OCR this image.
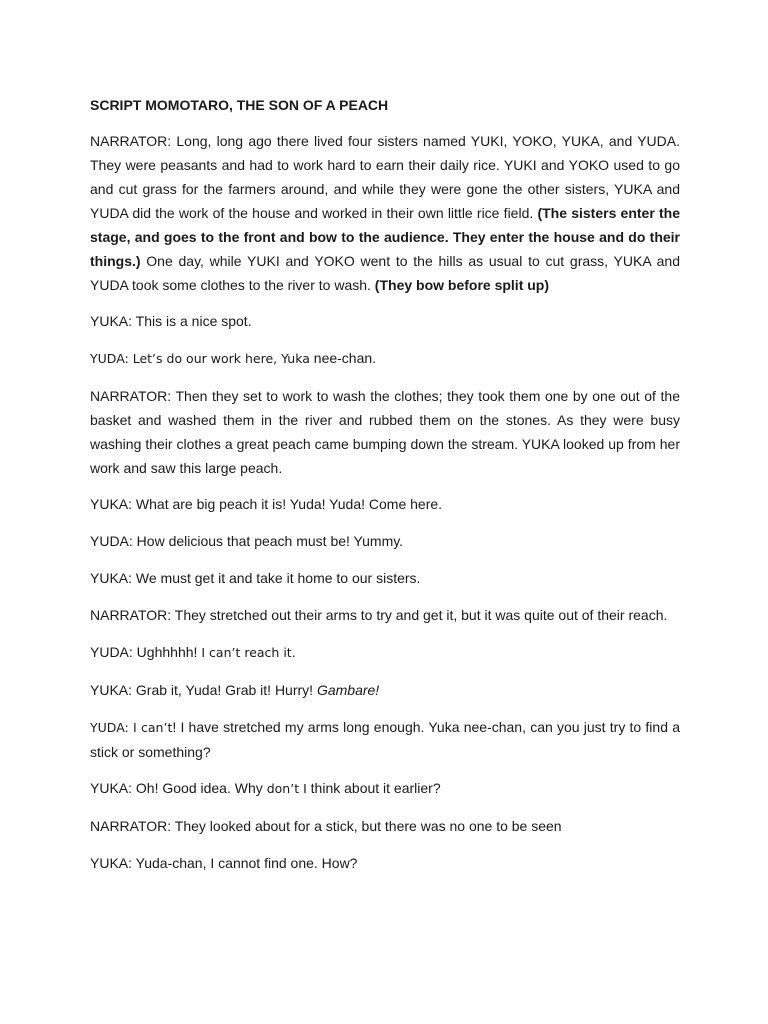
SCRIPT MOMOTARO, THE SON OF A PEACH
NARRATOR: Long, long ago there lived four sisters named YUKI, YOKO, YUKA, and YUDA. They were peasants and had to work hard to earn their daily rice. YUKI and YOKO used to go and cut grass for the farmers around, and while they were gone the other sisters, YUKA and YUDA did the work of the house and worked in their own little rice field. (The sisters enter the stage, and goes to the front and bow to the audience. They enter the house and do their things.) One day, while YUKI and YOKO went to the hills as usual to cut grass, YUKA and YUDA took some clothes to the river to wash. (They bow before split up)
YUKA: This is a nice spot.
YUDA: Let’s do our work here, Yuka nee-chan.
NARRATOR: Then they set to work to wash the clothes; they took them one by one out of the basket and washed them in the river and rubbed them on the stones. As they were busy washing their clothes a great peach came bumping down the stream. YUKA looked up from her work and saw this large peach.
YUKA: What are big peach it is! Yuda! Yuda! Come here.
YUDA: How delicious that peach must be! Yummy.
YUKA: We must get it and take it home to our sisters.
NARRATOR: They stretched out their arms to try and get it, but it was quite out of their reach.
YUDA: Ughhhhh! I can’t reach it.
YUKA: Grab it, Yuda! Grab it! Hurry! Gambare!
YUDA: I can’t! I have stretched my arms long enough. Yuka nee-chan, can you just try to find a stick or something?
YUKA: Oh! Good idea. Why don’t I think about it earlier?
NARRATOR: They looked about for a stick, but there was no one to be seen
YUKA: Yuda-chan, I cannot find one. How?
